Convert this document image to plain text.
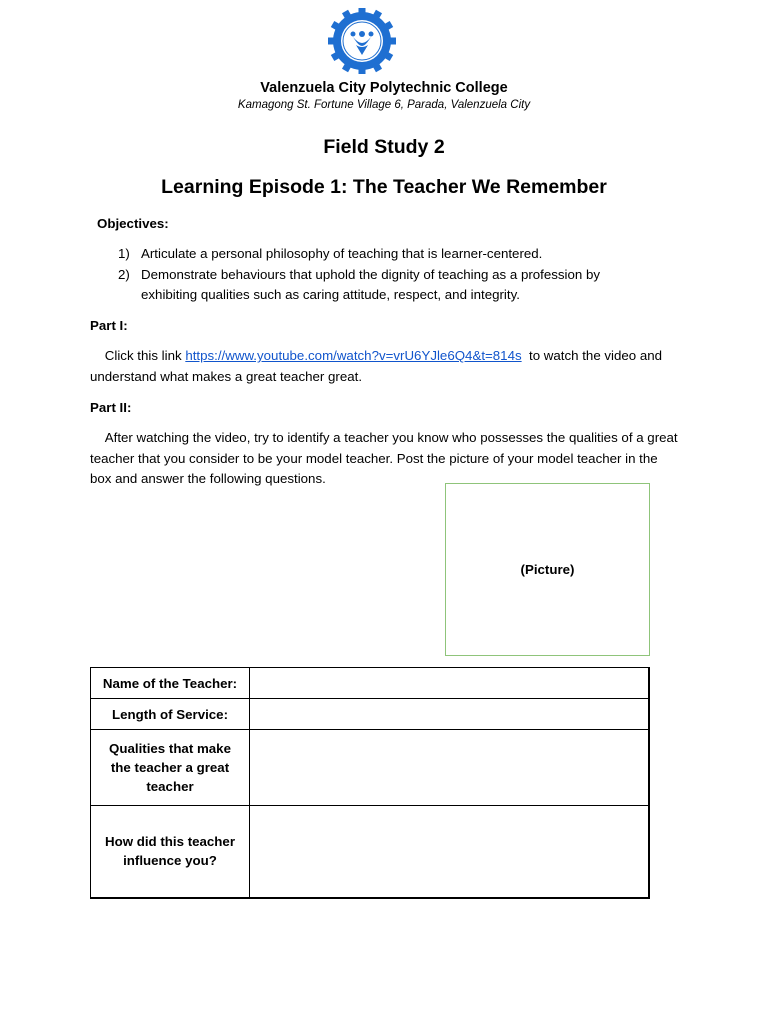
Valenzuela City Polytechnic College
Kamagong St. Fortune Village 6, Parada, Valenzuela City
Field Study 2
Learning Episode 1: The Teacher We Remember
Objectives:
1) Articulate a personal philosophy of teaching that is learner-centered.
2) Demonstrate behaviours that uphold the dignity of teaching as a profession by exhibiting qualities such as caring attitude, respect, and integrity.
Part I:
Click this link https://www.youtube.com/watch?v=vrU6YJle6Q4&t=814s  to watch the video and understand what makes a great teacher great.
Part II:
After watching the video, try to identify a teacher you know who possesses the qualities of a great teacher that you consider to be your model teacher. Post the picture of your model teacher in the box and answer the following questions.
(Picture)
Name of the Teacher:	
Length of Service:	
Qualities that make the teacher a great teacher	
How did this teacher influence you?	
